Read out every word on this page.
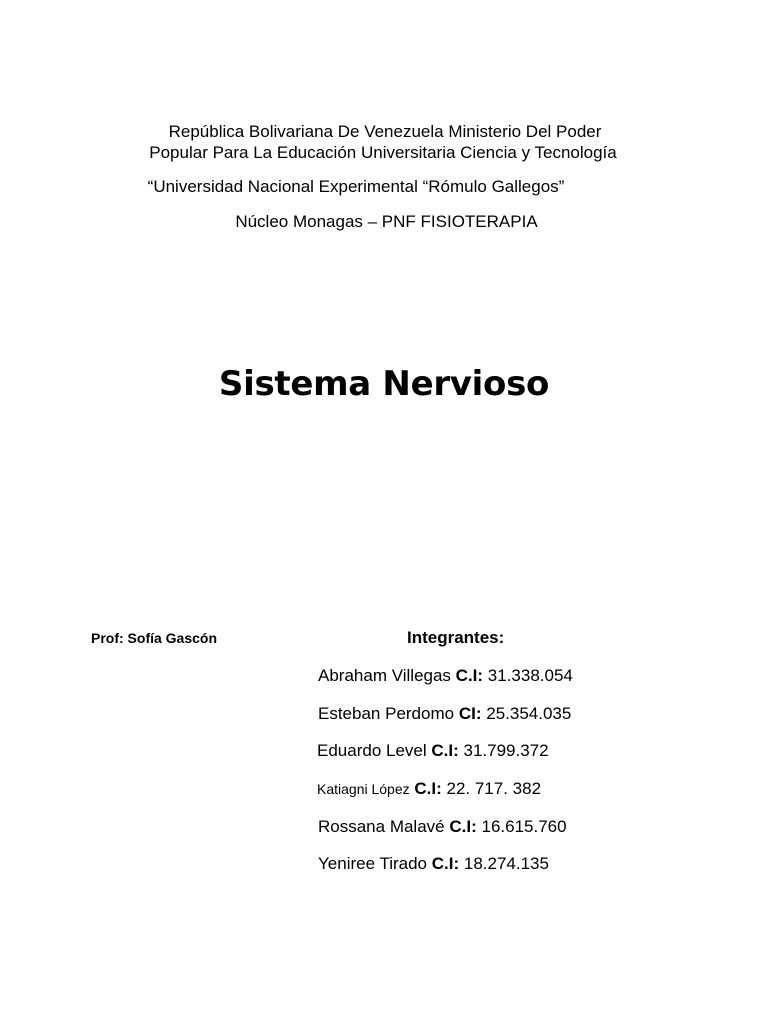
República Bolivariana De Venezuela Ministerio Del Poder
Popular Para La Educación Universitaria Ciencia y Tecnología
“Universidad Nacional Experimental “Rómulo Gallegos”
Núcleo Monagas – PNF FISIOTERAPIA
Sistema Nervioso
Prof: Sofía Gascón	Integrantes:
Abraham Villegas C.I: 31.338.054
Esteban Perdomo CI: 25.354.035
Eduardo Level C.I: 31.799.372
Katiagni López C.I: 22. 717. 382
Rossana Malavé C.I: 16.615.760
Yeniree Tirado C.I: 18.274.135
